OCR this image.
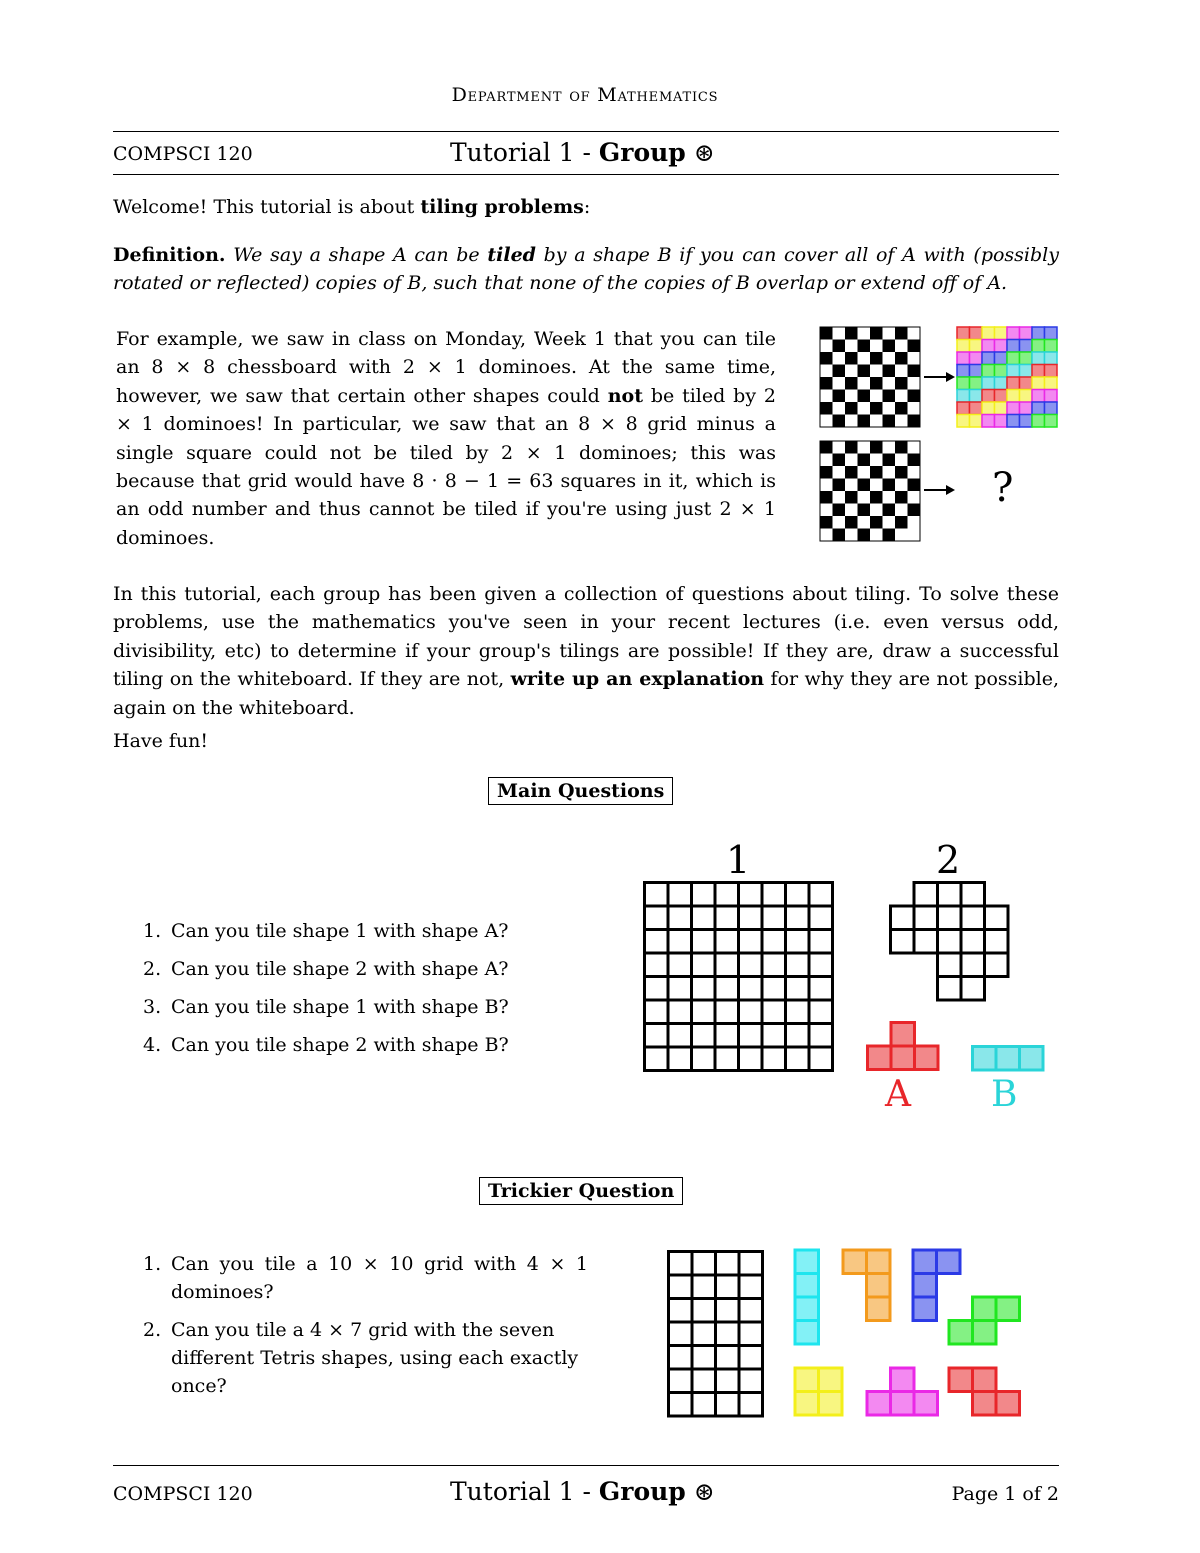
Department of Mathematics
COMPSCI 120	Tutorial 1 - Group ⊛
Welcome! This tutorial is about tiling problems:
Definition. We say a shape A can be tiled by a shape B if you can cover all of A with (possibly rotated or reflected) copies of B, such that none of the copies of B overlap or extend off of A.
For example, we saw in class on Monday, Week 1 that you can tile an 8 × 8 chessboard with 2 × 1 dominoes. At the same time, however, we saw that certain other shapes could not be tiled by 2 × 1 dominoes! In particular, we saw that an 8 × 8 grid minus a single square could not be tiled by 2 × 1 dominoes; this was because that grid would have 8 · 8 − 1 = 63 squares in it, which is an odd number and thus cannot be tiled if you're using just 2 × 1 dominoes.
?
In this tutorial, each group has been given a collection of questions about tiling. To solve these problems, use the mathematics you've seen in your recent lectures (i.e. even versus odd, divisibility, etc) to determine if your group's tilings are possible! If they are, draw a successful tiling on the whiteboard. If they are not, write up an explanation for why they are not possible, again on the whiteboard.
Have fun!
Main Questions
1. Can you tile shape 1 with shape A?
2. Can you tile shape 2 with shape A?
3. Can you tile shape 1 with shape B?
4. Can you tile shape 2 with shape B?
1	2
A B
Trickier Question
1. Can you tile a 10 × 10 grid with 4 × 1 dominoes?
2. Can you tile a 4 × 7 grid with the seven different Tetris shapes, using each exactly once?
COMPSCI 120	Tutorial 1 - Group ⊛	Page 1 of 2
